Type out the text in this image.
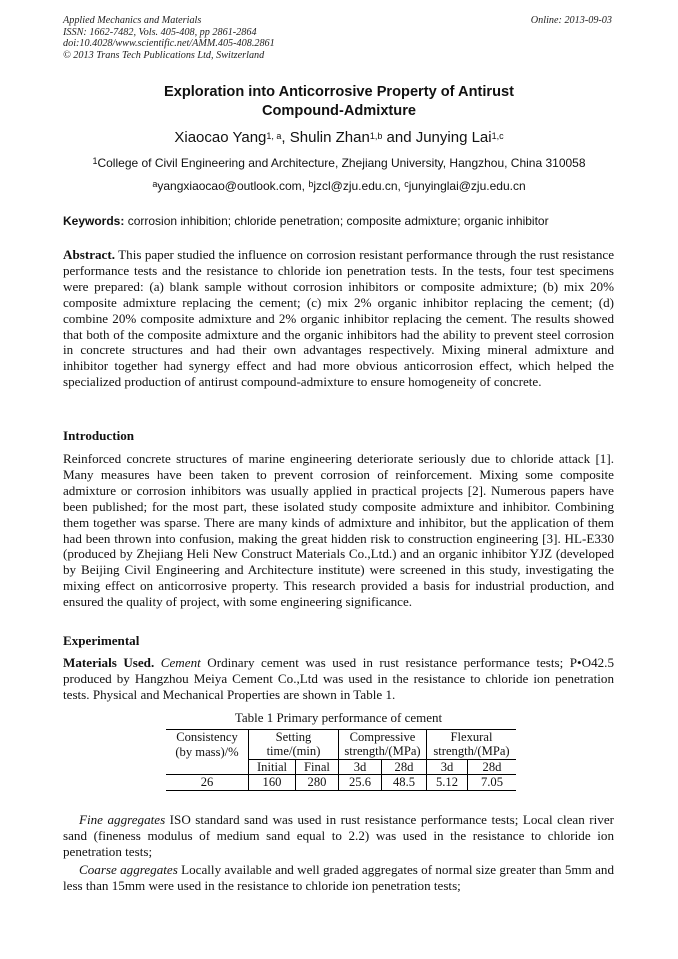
Applied Mechanics and Materials
ISSN: 1662-7482, Vols. 405-408, pp 2861-2864
doi:10.4028/www.scientific.net/AMM.405-408.2861
© 2013 Trans Tech Publications Ltd, Switzerland
Online: 2013-09-03
Exploration into Anticorrosive Property of Antirust
Compound-Admixture
Xiaocao Yang$^{1, a}$, Shulin Zhan$^{1,b}$ and Junying Lai$^{1,c}$
$^1$College of Civil Engineering and Architecture, Zhejiang University, Hangzhou, China 310058
$^a$yangxiaocao@outlook.com, $^b$jzcl@zju.edu.cn, $^c$junyinglai@zju.edu.cn
Keywords: corrosion inhibition; chloride penetration; composite admixture; organic inhibitor
Abstract. This paper studied the influence on corrosion resistant performance through the rust resistance performance tests and the resistance to chloride ion penetration tests. In the tests, four test specimens were prepared: (a) blank sample without corrosion inhibitors or composite admixture; (b) mix 20% composite admixture replacing the cement; (c) mix 2% organic inhibitor replacing the cement; (d) combine 20% composite admixture and 2% organic inhibitor replacing the cement. The results showed that both of the composite admixture and the organic inhibitors had the ability to prevent steel corrosion in concrete structures and had their own advantages respectively. Mixing mineral admixture and inhibitor together had synergy effect and had more obvious anticorrosion effect, which helped the specialized production of antirust compound-admixture to ensure homogeneity of concrete.
Introduction
Reinforced concrete structures of marine engineering deteriorate seriously due to chloride attack [1]. Many measures have been taken to prevent corrosion of reinforcement. Mixing some composite admixture or corrosion inhibitors was usually applied in practical projects [2]. Numerous papers have been published; for the most part, these isolated study composite admixture and inhibitor. Combining them together was sparse. There are many kinds of admixture and inhibitor, but the application of them had been thrown into confusion, making the great hidden risk to construction engineering [3]. HL-E330 (produced by Zhejiang Heli New Construct Materials Co.,Ltd.) and an organic inhibitor YJZ (developed by Beijing Civil Engineering and Architecture institute) were screened in this study, investigating the mixing effect on anticorrosive property. This research provided a basis for industrial production, and ensured the quality of project, with some engineering significance.
Experimental
Materials Used. Cement Ordinary cement was used in rust resistance performance tests; P•O42.5 produced by Hangzhou Meiya Cement Co.,Ltd was used in the resistance to chloride ion penetration tests. Physical and Mechanical Properties are shown in Table 1.
Table 1 Primary performance of cement
Consistency	Setting		Compressive		Flexural	
(by mass)/%	time/(min)		strength/(MPa)		strength/(MPa)	
	Initial	Final	3d	28d	3d	28d
26	160	280	25.6	48.5	5.12	7.05
Fine aggregates ISO standard sand was used in rust resistance performance tests; Local clean river sand (fineness modulus of medium sand equal to 2.2) was used in the resistance to chloride ion penetration tests;
Coarse aggregates Locally available and well graded aggregates of normal size greater than 5mm and less than 15mm were used in the resistance to chloride ion penetration tests;
